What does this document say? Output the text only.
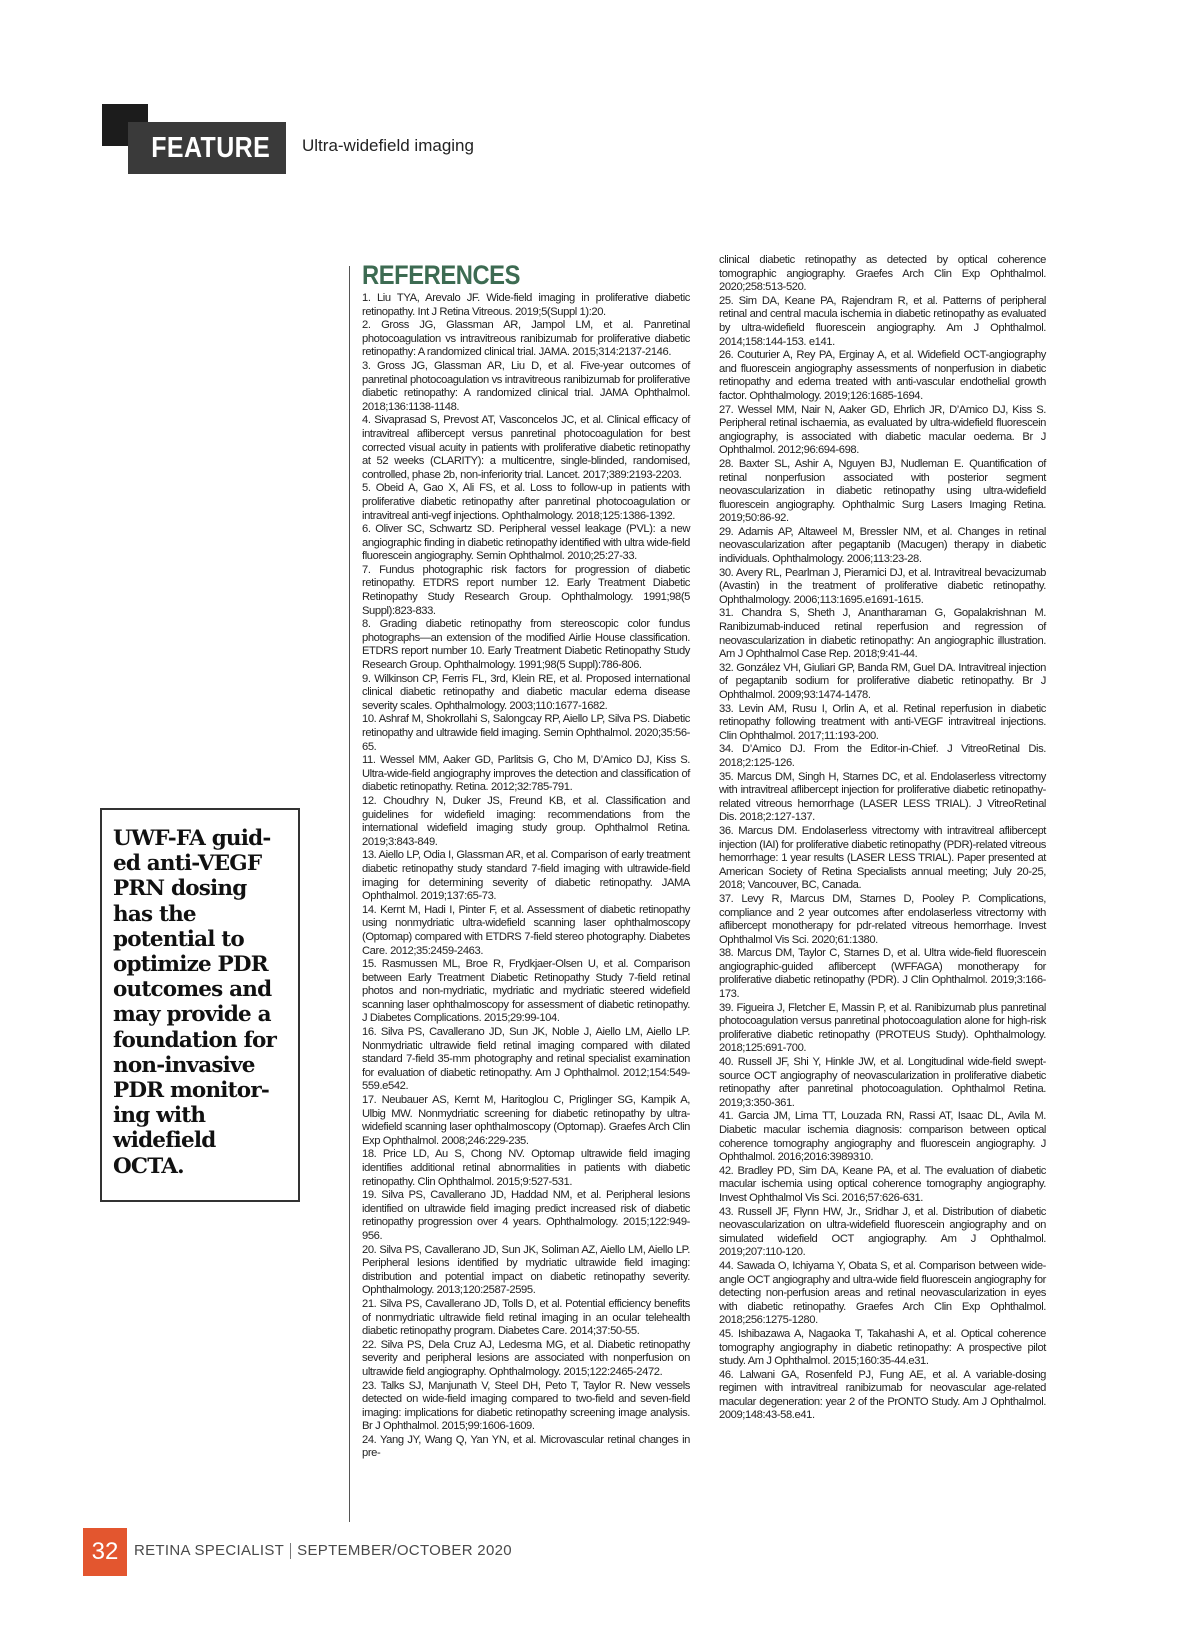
FEATURE Ultra-widefield imaging
REFERENCES

1. Liu TYA, Arevalo JF. Wide-field imaging in proliferative diabetic retinopathy. Int J Retina Vitreous. 2019;5(Suppl 1):20.

2. Gross JG, Glassman AR, Jampol LM, et al. Panretinal photocoagulation vs intravitreous ranibizumab for proliferative diabetic retinopathy: A randomized clinical trial. JAMA. 2015;314:2137-2146.

3. Gross JG, Glassman AR, Liu D, et al. Five-year outcomes of panretinal photocoagulation vs intravitreous ranibizumab for proliferative diabetic retinopathy: A randomized clinical trial. JAMA Ophthalmol. 2018;136:1138-1148.

4. Sivaprasad S, Prevost AT, Vasconcelos JC, et al. Clinical efficacy of intravitreal aflibercept versus panretinal photocoagulation for best corrected visual acuity in patients with proliferative diabetic retinopathy at 52 weeks (CLARITY): a multicentre, single-blinded, randomised, controlled, phase 2b, non-inferiority trial. Lancet. 2017;389:2193-2203.

5. Obeid A, Gao X, Ali FS, et al. Loss to follow-up in patients with proliferative diabetic retinopathy after panretinal photocoagulation or intravitreal anti-vegf injections. Ophthalmology. 2018;125:1386-1392.

6. Oliver SC, Schwartz SD. Peripheral vessel leakage (PVL): a new angiographic finding in diabetic retinopathy identified with ultra wide-field fluorescein angiography. Semin Ophthalmol. 2010;25:27-33.

7. Fundus photographic risk factors for progression of diabetic retinopathy. ETDRS report number 12. Early Treatment Diabetic Retinopathy Study Research Group. Ophthalmology. 1991;98(5 Suppl):823-833.

8. Grading diabetic retinopathy from stereoscopic color fundus photographs—an extension of the modified Airlie House classification. ETDRS report number 10. Early Treatment Diabetic Retinopathy Study Research Group. Ophthalmology. 1991;98(5 Suppl):786-806.

9. Wilkinson CP, Ferris FL, 3rd, Klein RE, et al. Proposed international clinical diabetic retinopathy and diabetic macular edema disease severity scales. Ophthalmology. 2003;110:1677-1682.

10. Ashraf M, Shokrollahi S, Salongcay RP, Aiello LP, Silva PS. Diabetic retinopathy and ultrawide field imaging. Semin Ophthalmol. 2020;35:56-65.

11. Wessel MM, Aaker GD, Parlitsis G, Cho M, D’Amico DJ, Kiss S. Ultra-wide-field angiography improves the detection and classification of diabetic retinopathy. Retina. 2012;32:785-791.

12. Choudhry N, Duker JS, Freund KB, et al. Classification and guidelines for widefield imaging: recommendations from the international widefield imaging study group. Ophthalmol Retina. 2019;3:843-849.

13. Aiello LP, Odia I, Glassman AR, et al. Comparison of early treatment diabetic retinopathy study standard 7-field imaging with ultrawide-field imaging for determining severity of diabetic retinopathy. JAMA Ophthalmol. 2019;137:65-73.

14. Kernt M, Hadi I, Pinter F, et al. Assessment of diabetic retinopathy using nonmydriatic ultra-widefield scanning laser ophthalmoscopy (Optomap) compared with ETDRS 7-field stereo photography. Diabetes Care. 2012;35:2459-2463.

15. Rasmussen ML, Broe R, Frydkjaer-Olsen U, et al. Comparison between Early Treatment Diabetic Retinopathy Study 7-field retinal photos and non-mydriatic, mydriatic and mydriatic steered widefield scanning laser ophthalmoscopy for assessment of diabetic retinopathy. J Diabetes Complications. 2015;29:99-104.

16. Silva PS, Cavallerano JD, Sun JK, Noble J, Aiello LM, Aiello LP. Nonmydriatic ultrawide field retinal imaging compared with dilated standard 7-field 35-mm photography and retinal specialist examination for evaluation of diabetic retinopathy. Am J Ophthalmol. 2012;154:549-559.e542.

17. Neubauer AS, Kernt M, Haritoglou C, Priglinger SG, Kampik A, Ulbig MW. Nonmydriatic screening for diabetic retinopathy by ultra-widefield scanning laser ophthalmoscopy (Optomap). Graefes Arch Clin Exp Ophthalmol. 2008;246:229-235.

18. Price LD, Au S, Chong NV. Optomap ultrawide field imaging identifies additional retinal abnormalities in patients with diabetic retinopathy. Clin Ophthalmol. 2015;9:527-531.

19. Silva PS, Cavallerano JD, Haddad NM, et al. Peripheral lesions identified on ultrawide field imaging predict increased risk of diabetic retinopathy progression over 4 years. Ophthalmology. 2015;122:949-956.

20. Silva PS, Cavallerano JD, Sun JK, Soliman AZ, Aiello LM, Aiello LP. Peripheral lesions identified by mydriatic ultrawide field imaging: distribution and potential impact on diabetic retinopathy severity. Ophthalmology. 2013;120:2587-2595.

21. Silva PS, Cavallerano JD, Tolls D, et al. Potential efficiency benefits of nonmydriatic ultrawide field retinal imaging in an ocular telehealth diabetic retinopathy program. Diabetes Care. 2014;37:50-55.

22. Silva PS, Dela Cruz AJ, Ledesma MG, et al. Diabetic retinopathy severity and peripheral lesions are associated with nonperfusion on ultrawide field angiography. Ophthalmology. 2015;122:2465-2472.

23. Talks SJ, Manjunath V, Steel DH, Peto T, Taylor R. New vessels detected on wide-field imaging compared to two-field and seven-field imaging: implications for diabetic retinopathy screening image analysis. Br J Ophthalmol. 2015;99:1606-1609.

24. Yang JY, Wang Q, Yan YN, et al. Microvascular retinal changes in pre-

clinical diabetic retinopathy as detected by optical coherence tomographic angiography. Graefes Arch Clin Exp Ophthalmol. 2020;258:513-520.

25. Sim DA, Keane PA, Rajendram R, et al. Patterns of peripheral retinal and central macula ischemia in diabetic retinopathy as evaluated by ultra-widefield fluorescein angiography. Am J Ophthalmol. 2014;158:144-153. e141.

26. Couturier A, Rey PA, Erginay A, et al. Widefield OCT-angiography and fluorescein angiography assessments of nonperfusion in diabetic retinopathy and edema treated with anti-vascular endothelial growth factor. Ophthalmology. 2019;126:1685-1694.

27. Wessel MM, Nair N, Aaker GD, Ehrlich JR, D’Amico DJ, Kiss S. Peripheral retinal ischaemia, as evaluated by ultra-widefield fluorescein angiography, is associated with diabetic macular oedema. Br J Ophthalmol. 2012;96:694-698.

28. Baxter SL, Ashir A, Nguyen BJ, Nudleman E. Quantification of retinal nonperfusion associated with posterior segment neovascularization in diabetic retinopathy using ultra-widefield fluorescein angiography. Ophthalmic Surg Lasers Imaging Retina. 2019;50:86-92.

29. Adamis AP, Altaweel M, Bressler NM, et al. Changes in retinal neovascularization after pegaptanib (Macugen) therapy in diabetic individuals. Ophthalmology. 2006;113:23-28.

30. Avery RL, Pearlman J, Pieramici DJ, et al. Intravitreal bevacizumab (Avastin) in the treatment of proliferative diabetic retinopathy. Ophthalmology. 2006;113:1695.e1691-1615.

31. Chandra S, Sheth J, Anantharaman G, Gopalakrishnan M. Ranibizumab-induced retinal reperfusion and regression of neovascularization in diabetic retinopathy: An angiographic illustration. Am J Ophthalmol Case Rep. 2018;9:41-44.

32. González VH, Giuliari GP, Banda RM, Guel DA. Intravitreal injection of pegaptanib sodium for proliferative diabetic retinopathy. Br J Ophthalmol. 2009;93:1474-1478.

33. Levin AM, Rusu I, Orlin A, et al. Retinal reperfusion in diabetic retinopathy following treatment with anti-VEGF intravitreal injections. Clin Ophthalmol. 2017;11:193-200.

34. D’Amico DJ. From the Editor-in-Chief. J VitreoRetinal Dis. 2018;2:125-126.

35. Marcus DM, Singh H, Starnes DC, et al. Endolaserless vitrectomy with intravitreal aflibercept injection for proliferative diabetic retinopathy-related vitreous hemorrhage (LASER LESS TRIAL). J VitreoRetinal Dis. 2018;2:127-137.

36. Marcus DM. Endolaserless vitrectomy with intravitreal aflibercept injection (IAI) for proliferative diabetic retinopathy (PDR)-related vitreous hemorrhage: 1 year results (LASER LESS TRIAL). Paper presented at American Society of Retina Specialists annual meeting; July 20-25, 2018; Vancouver, BC, Canada.

37. Levy R, Marcus DM, Starnes D, Pooley P. Complications, compliance and 2 year outcomes after endolaserless vitrectomy with aflibercept monotherapy for pdr-related vitreous hemorrhage. Invest Ophthalmol Vis Sci. 2020;61:1380.

38. Marcus DM, Taylor C, Starnes D, et al. Ultra wide-field fluorescein angiographic-guided aflibercept (WFFAGA) monotherapy for proliferative diabetic retinopathy (PDR). J Clin Ophthalmol. 2019;3:166-173.

39. Figueira J, Fletcher E, Massin P, et al. Ranibizumab plus panretinal photocoagulation versus panretinal photocoagulation alone for high-risk proliferative diabetic retinopathy (PROTEUS Study). Ophthalmology. 2018;125:691-700.

40. Russell JF, Shi Y, Hinkle JW, et al. Longitudinal wide-field swept-source OCT angiography of neovascularization in proliferative diabetic retinopathy after panretinal photocoagulation. Ophthalmol Retina. 2019;3:350-361.

41. Garcia JM, Lima TT, Louzada RN, Rassi AT, Isaac DL, Avila M. Diabetic macular ischemia diagnosis: comparison between optical coherence tomography angiography and fluorescein angiography. J Ophthalmol. 2016;2016:3989310.

42. Bradley PD, Sim DA, Keane PA, et al. The evaluation of diabetic macular ischemia using optical coherence tomography angiography. Invest Ophthalmol Vis Sci. 2016;57:626-631.

43. Russell JF, Flynn HW, Jr., Sridhar J, et al. Distribution of diabetic neovascularization on ultra-widefield fluorescein angiography and on simulated widefield OCT angiography. Am J Ophthalmol. 2019;207:110-120.

44. Sawada O, Ichiyama Y, Obata S, et al. Comparison between wide-angle OCT angiography and ultra-wide field fluorescein angiography for detecting non-perfusion areas and retinal neovascularization in eyes with diabetic retinopathy. Graefes Arch Clin Exp Ophthalmol. 2018;256:1275-1280.

45. Ishibazawa A, Nagaoka T, Takahashi A, et al. Optical coherence tomography angiography in diabetic retinopathy: A prospective pilot study. Am J Ophthalmol. 2015;160:35-44.e31.

46. Lalwani GA, Rosenfeld PJ, Fung AE, et al. A variable-dosing regimen with intravitreal ranibizumab for neovascular age-related macular degeneration: year 2 of the PrONTO Study. Am J Ophthalmol. 2009;148:43-58.e41.

UWF-FA guid-ed anti-VEGF PRN dosing has the potential to optimize PDR outcomes and may provide a foundation for non-invasive PDR monitor-ing with widefield OCTA.
32	RETINA SPECIALIST SEPTEMBER/OCTOBER 2020
